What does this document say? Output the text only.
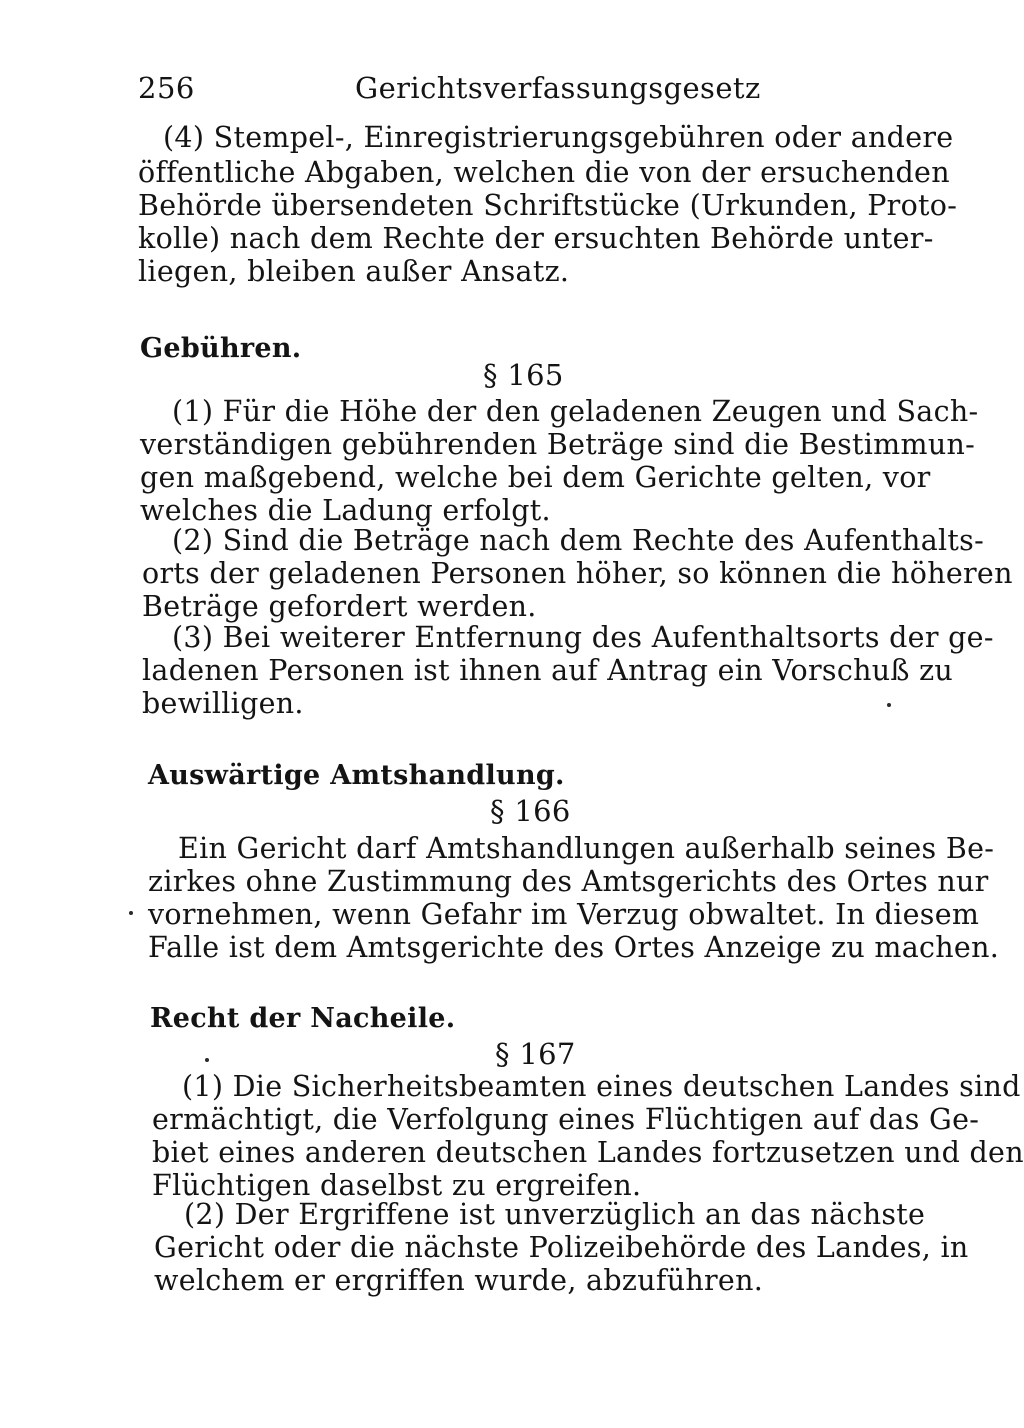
256	Gerichtsverfassungsgesetz
(4) Stempel-, Einregistrierungsgebühren oder andere
öffentliche Abgaben, welchen die von der ersuchenden
Behörde übersendeten Schriftstücke (Urkunden, Proto-
kolle) nach dem Rechte der ersuchten Behörde unter-
liegen, bleiben außer Ansatz.
Gebühren.
§ 165
(1) Für die Höhe der den geladenen Zeugen und Sach-
verständigen gebührenden Beträge sind die Bestimmun-
gen maßgebend, welche bei dem Gerichte gelten, vor
welches die Ladung erfolgt.
(2) Sind die Beträge nach dem Rechte des Aufenthalts-
orts der geladenen Personen höher, so können die höheren
Beträge gefordert werden.
(3) Bei weiterer Entfernung des Aufenthaltsorts der ge-
ladenen Personen ist ihnen auf Antrag ein Vorschuß zu
bewilligen.
Auswärtige Amtshandlung.
§ 166
Ein Gericht darf Amtshandlungen außerhalb seines Be-
zirkes ohne Zustimmung des Amtsgerichts des Ortes nur
vornehmen, wenn Gefahr im Verzug obwaltet. In diesem
Falle ist dem Amtsgerichte des Ortes Anzeige zu machen.
Recht der Nacheile.
§ 167
(1) Die Sicherheitsbeamten eines deutschen Landes sind
ermächtigt, die Verfolgung eines Flüchtigen auf das Ge-
biet eines anderen deutschen Landes fortzusetzen und den
Flüchtigen daselbst zu ergreifen.
(2) Der Ergriffene ist unverzüglich an das nächste
Gericht oder die nächste Polizeibehörde des Landes, in
welchem er ergriffen wurde, abzuführen.
